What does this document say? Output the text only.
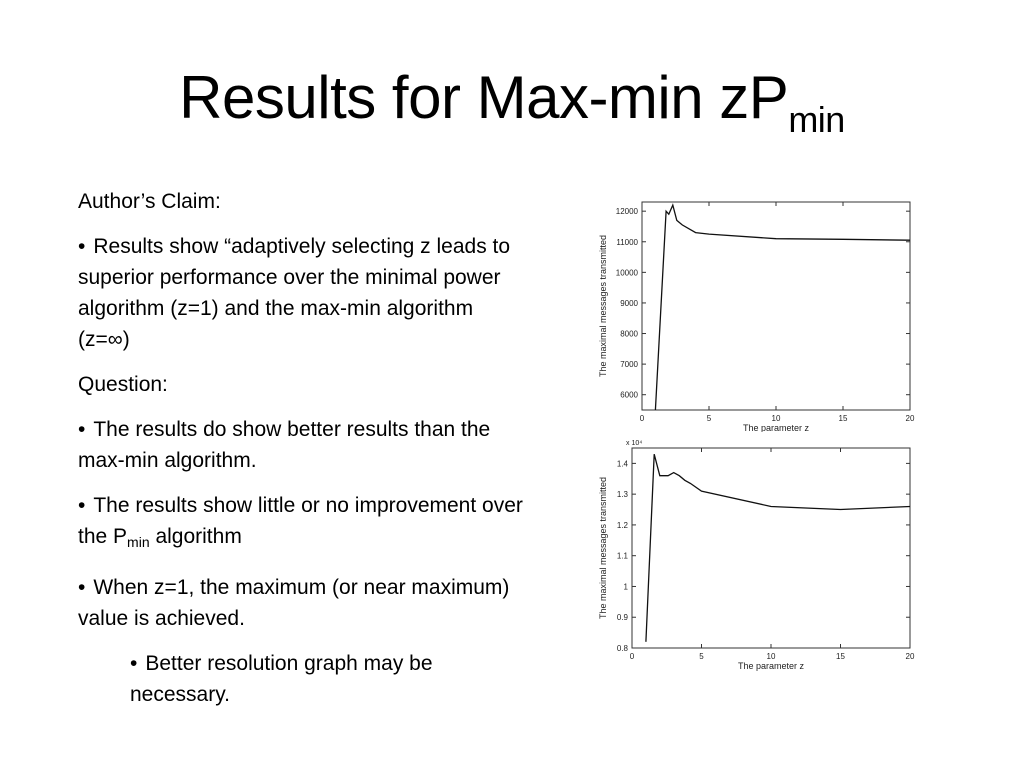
Results for Max-min $zP_{min}$

Author’s Claim:

• Results show “adaptively selecting z leads to superior performance over the minimal power algorithm (z=1) and the max-min algorithm (z=∞)

Question:

• The results do show better results than the max-min algorithm.

• The results show little or no improvement over the $P_{min}$ algorithm

• When z=1, the maximum (or near maximum) value is achieved.

• Better resolution graph may be necessary.

0	5	10	15	20
6000
7000
8000
9000
10000
11000
12000
The parameter z
The maximal messages transmitted
0	5	10	15	20
0.8
0.9
1
1.1
1.2
1.3
1.4
The parameter z
The maximal messages transmitted
x 10⁴
